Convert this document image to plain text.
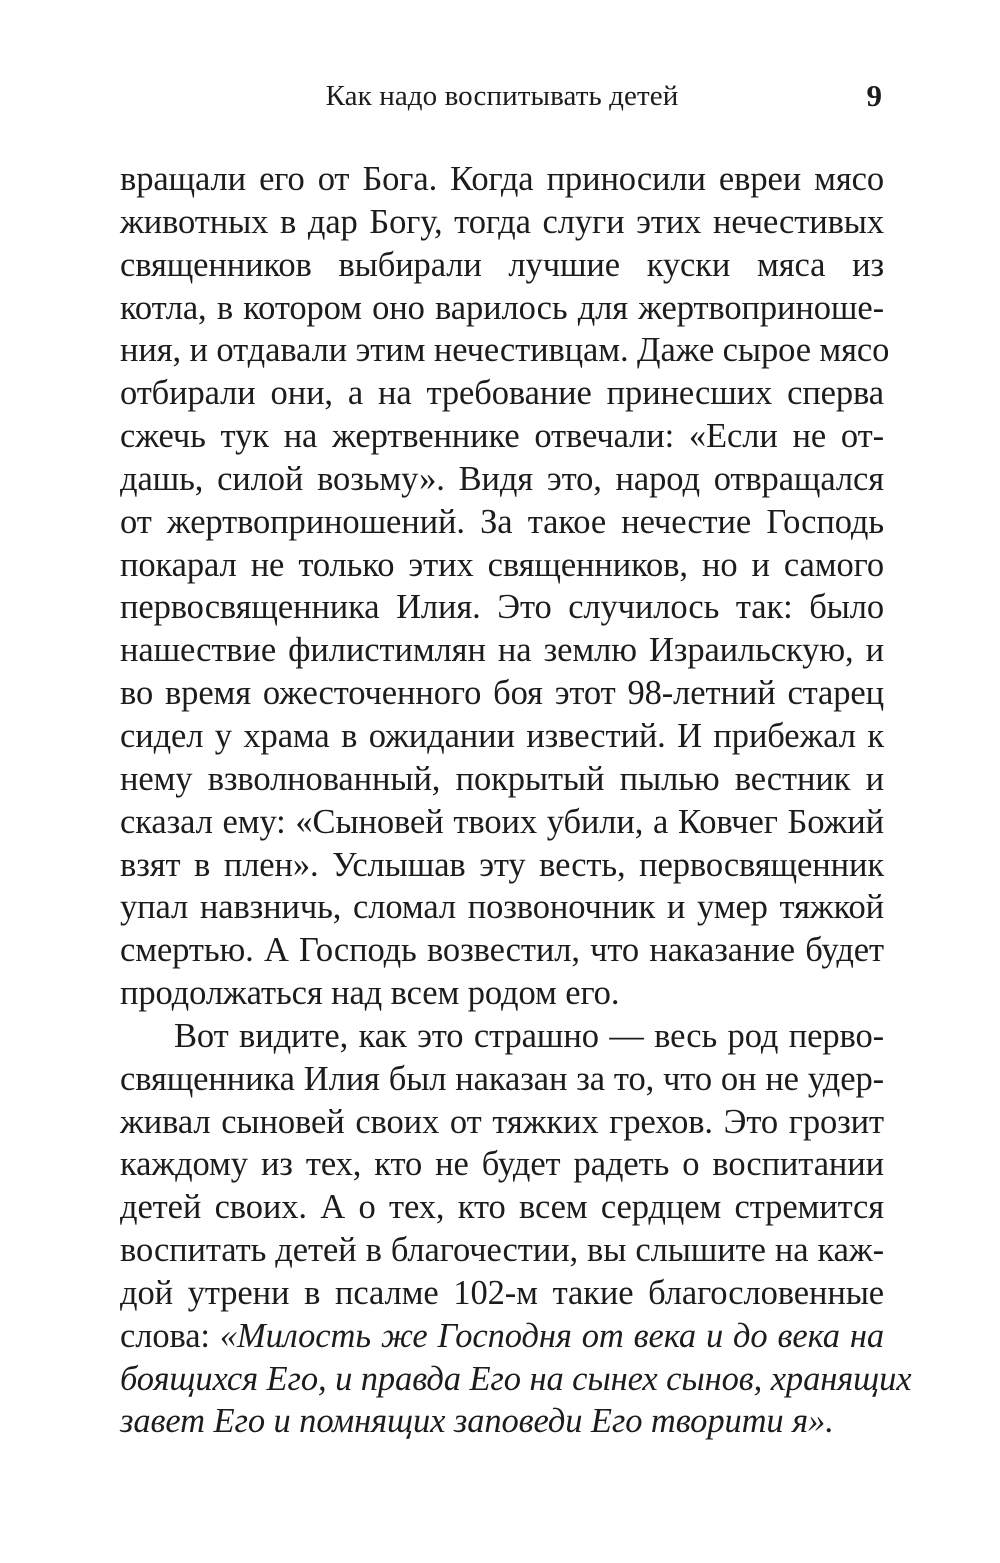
Как надо воспитывать детей	9
вращали его от Бога. Когда приносили евреи мясо
животных в дар Богу, тогда слуги этих нечестивых
священников выбирали лучшие куски мяса из
котла, в котором оно варилось для жертвоприноше-
ния, и отдавали этим нечестивцам. Даже сырое мясо
отбирали они, а на требование принесших сперва
сжечь тук на жертвеннике отвечали: «Если не от-
дашь, силой возьму». Видя это, народ отвращался
от жертвоприношений. За такое нечестие Господь
покарал не только этих священников, но и самого
первосвященника Илия. Это случилось так: было
нашествие филистимлян на землю Израильскую, и
во время ожесточенного боя этот 98-летний старец
сидел у храма в ожидании известий. И прибежал к
нему взволнованный, покрытый пылью вестник и
сказал ему: «Сыновей твоих убили, а Ковчег Божий
взят в плен». Услышав эту весть, первосвященник
упал навзничь, сломал позвоночник и умер тяжкой
смертью. А Господь возвестил, что наказание будет
продолжаться над всем родом его.
Вот видите, как это страшно — весь род перво-
священника Илия был наказан за то, что он не удер-
живал сыновей своих от тяжких грехов. Это грозит
каждому из тех, кто не будет радеть о воспитании
детей своих. А о тех, кто всем сердцем стремится
воспитать детей в благочестии, вы слышите на каж-
дой утрени в псалме 102-м такие благословенные
слова: «Милость же Господня от века и до века на
боящихся Его, и правда Его на сынех сынов, хранящих
завет Его и помнящих заповеди Его творити я».
